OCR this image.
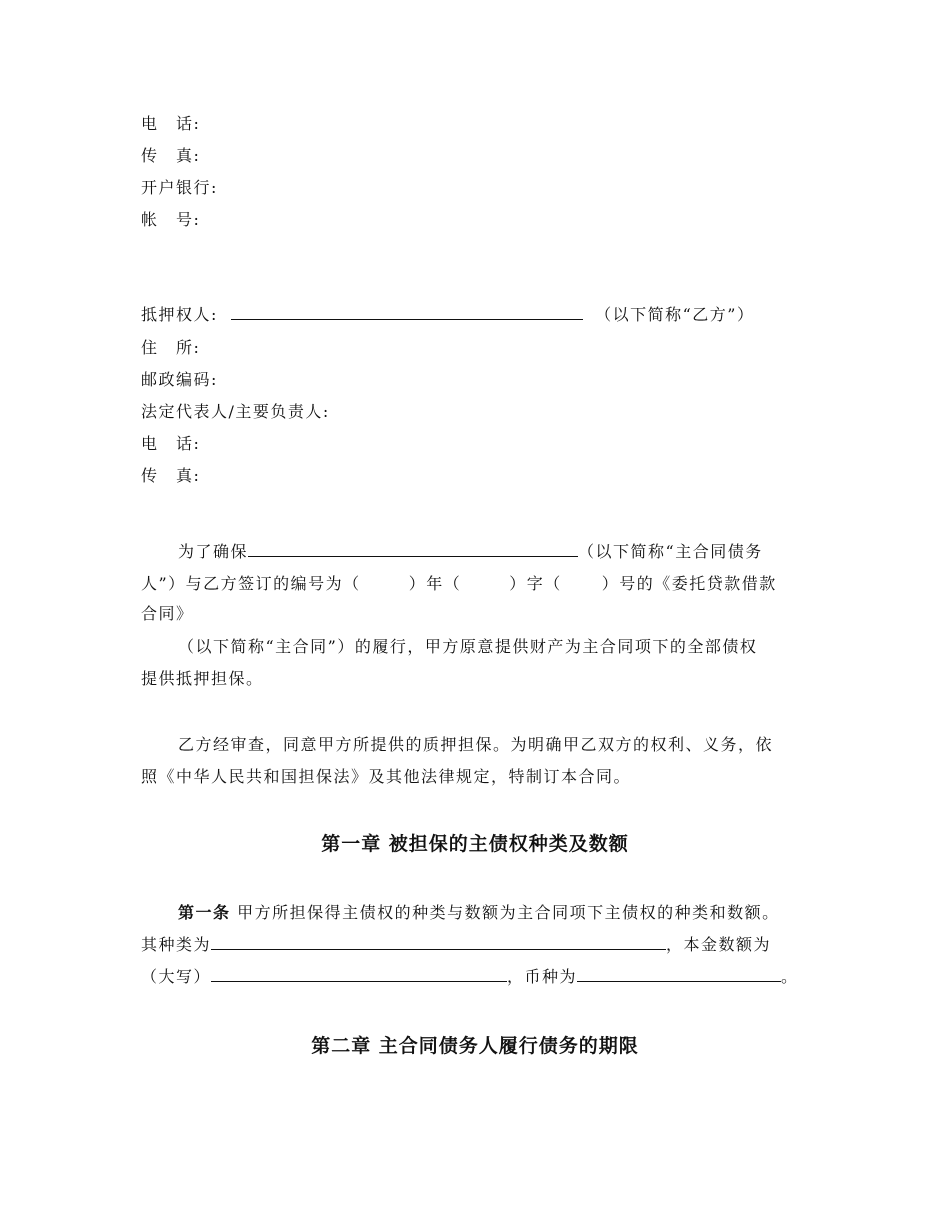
电　话:
传　真:
开户银行:
帐　号:
抵押权人:	（以下简称“乙方”）
住　所:
邮政编码:
法定代表人/主要负责人:
电　话:
传　真:
为了确保	（以下简称“主合同债务
人”）与乙方签订的编号为（	）年（	）字（	）号的《委托贷款借款
合同》
（以下简称“主合同”）的履行，甲方原意提供财产为主合同项下的全部债权
提供抵押担保。
乙方经审查，同意甲方所提供的质押担保。为明确甲乙双方的权利、义务，依
照《中华人民共和国担保法》及其他法律规定，特制订本合同。
第一章 被担保的主债权种类及数额
第一条 甲方所担保得主债权的种类与数额为主合同项下主债权的种类和数额。
其种类为	，本金数额为
（大写）	，币种为	。
第二章 主合同债务人履行债务的期限
